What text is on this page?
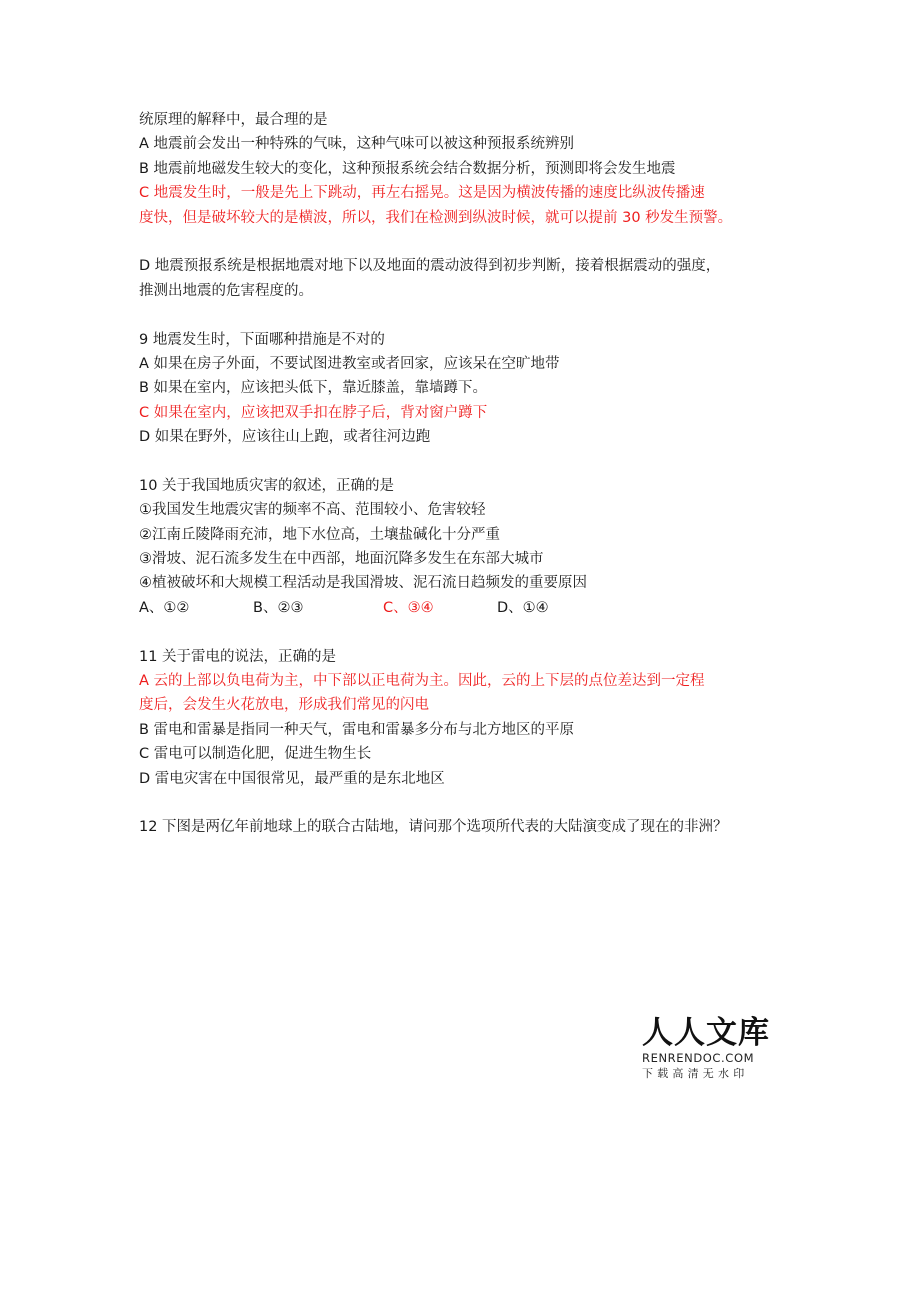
统原理的解释中，最合理的是
A 地震前会发出一种特殊的气味，这种气味可以被这种预报系统辨别
B 地震前地磁发生较大的变化，这种预报系统会结合数据分析，预测即将会发生地震
C 地震发生时，一般是先上下跳动，再左右摇晃。这是因为横波传播的速度比纵波传播速
度快，但是破坏较大的是横波，所以，我们在检测到纵波时候，就可以提前 30 秒发生预警。
D 地震预报系统是根据地震对地下以及地面的震动波得到初步判断，接着根据震动的强度，
推测出地震的危害程度的。
9 地震发生时，下面哪种措施是不对的
A 如果在房子外面，不要试图进教室或者回家，应该呆在空旷地带
B 如果在室内，应该把头低下，靠近膝盖，靠墙蹲下。
C 如果在室内，应该把双手扣在脖子后，背对窗户蹲下
D 如果在野外，应该往山上跑，或者往河边跑
10 关于我国地质灾害的叙述，正确的是
①我国发生地震灾害的频率不高、范围较小、危害较轻
②江南丘陵降雨充沛，地下水位高，土壤盐碱化十分严重
③滑坡、泥石流多发生在中西部，地面沉降多发生在东部大城市
④植被破坏和大规模工程活动是我国滑坡、泥石流日趋频发的重要原因
A、①②	B、②③	C、③④	D、①④
11 关于雷电的说法，正确的是
A 云的上部以负电荷为主，中下部以正电荷为主。因此，云的上下层的点位差达到一定程
度后，会发生火花放电，形成我们常见的闪电
B 雷电和雷暴是指同一种天气，雷电和雷暴多分布与北方地区的平原
C 雷电可以制造化肥，促进生物生长
D 雷电灾害在中国很常见，最严重的是东北地区
12 下图是两亿年前地球上的联合古陆地，请问那个选项所代表的大陆演变成了现在的非洲？
人人文库
RENRENDOC.COM
下载高清无水印
